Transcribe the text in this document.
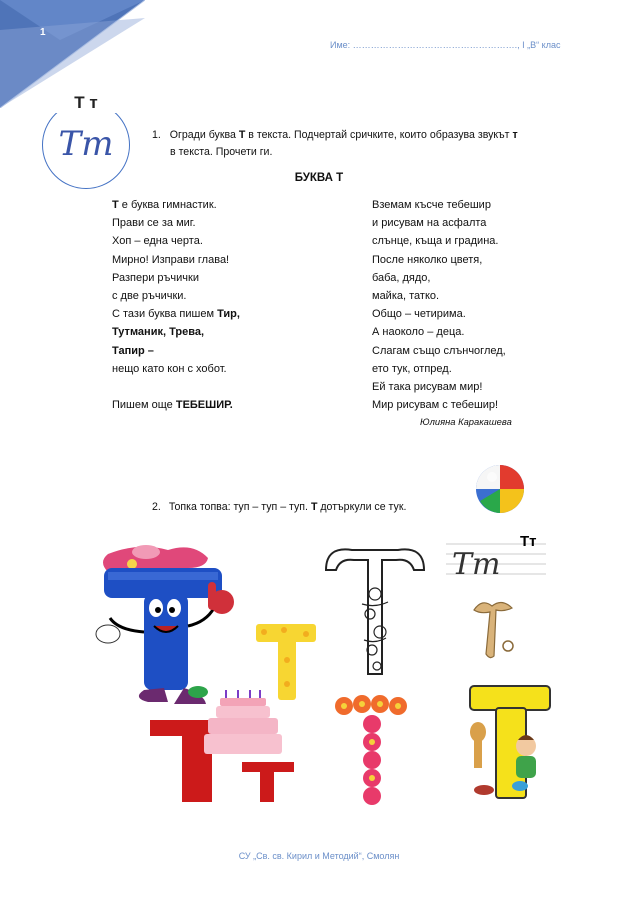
1
Име: ………………………………………………., I „В“ клас
Т т
Тт	1. Огради буква Т в текста. Подчертай сричките, които образува звукът т
в текста. Прочети ги.
БУКВА Т
Т е буква гимнастик.
Прави се за миг.
Хоп – една черта.
Мирно! Изправи глава!
Разпери ръчички
с две ръчички.
С тази буква пишем Тир,
Тутманик, Трева,
Тапир –
нещо като кон с хобот.
Пишем още ТЕБЕШИР.
Вземам късче тебешир
и рисувам на асфалта
слънце, къща и градина.
После няколко цветя,
баба, дядо,
майка, татко.
Общо – четирима.
А наоколо – деца.
Слагам също слънчоглед,
ето тук, отпред.
Ей така рисувам мир!
Мир рисувам с тебешир!
Юлияна Каракашева
2. Топка топва: туп – туп – туп. Т дотъркули се тук.
Тт
Тт
СУ „Св. св. Кирил и Методий“, Смолян
